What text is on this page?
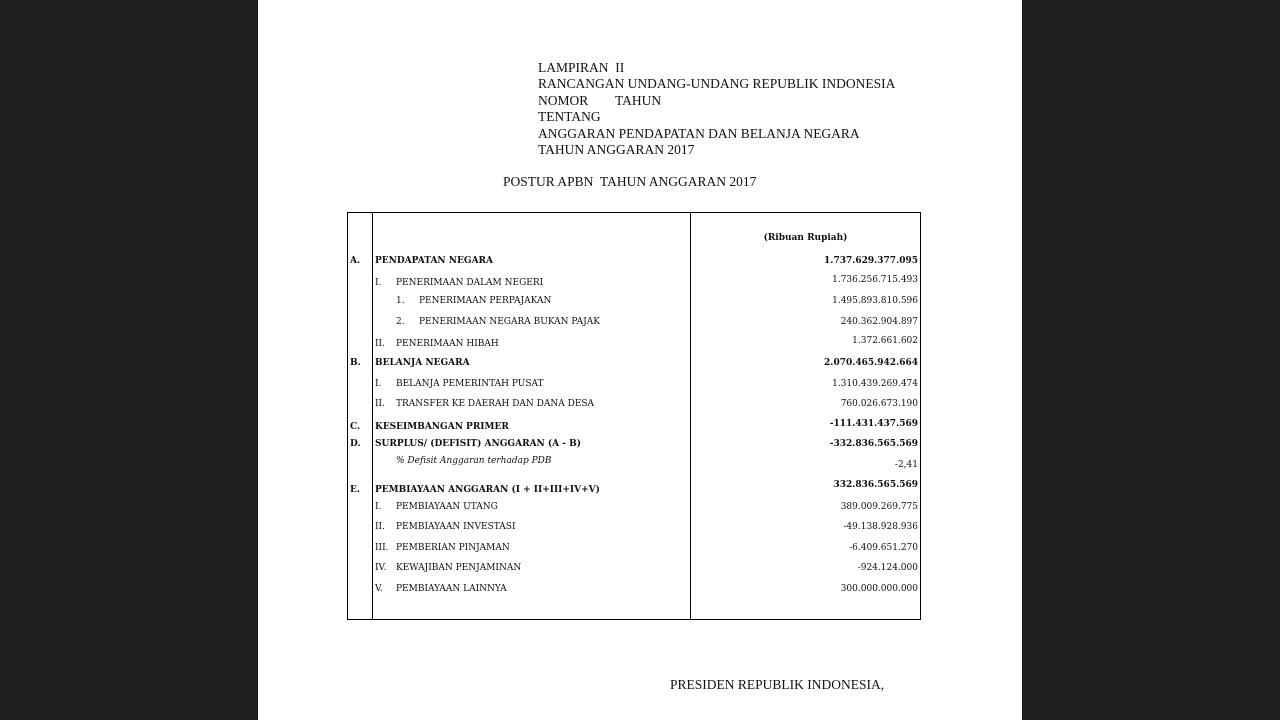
LAMPIRAN  II
RANCANGAN UNDANG-UNDANG REPUBLIK INDONESIA
NOMOR        TAHUN
TENTANG
ANGGARAN PENDAPATAN DAN BELANJA NEGARA
TAHUN ANGGARAN 2017
POSTUR APBN  TAHUN ANGGARAN 2017
(Ribuan Rupiah)
A. PENDAPATAN NEGARA	1.737.629.377.095
I. PENERIMAAN DALAM NEGERI	1.736.256.715.493
1. PENERIMAAN PERPAJAKAN	1.495.893.810.596
2. PENERIMAAN NEGARA BUKAN PAJAK	240.362.904.897
II. PENERIMAAN HIBAH	1.372.661.602
B. BELANJA NEGARA	2.070.465.942.664
I. BELANJA PEMERINTAH PUSAT	1.310.439.269.474
II. TRANSFER KE DAERAH DAN DANA DESA	760.026.673.190
C. KESEIMBANGAN PRIMER	-111.431.437.569
D. SURPLUS/ (DEFISIT) ANGGARAN (A - B)	-332.836.565.569
% Defisit Anggaran terhadap PDB	-2,41
E. PEMBIAYAAN ANGGARAN (I + II+III+IV+V)	332.836.565.569
I. PEMBIAYAAN UTANG	389.009.269.775
II. PEMBIAYAAN INVESTASI	-49.138.928.936
III. PEMBERIAN PINJAMAN	-6.409.651.270
IV. KEWAJIBAN PENJAMINAN	-924.124.000
V. PEMBIAYAAN LAINNYA	300.000.000.000
PRESIDEN REPUBLIK INDONESIA,
